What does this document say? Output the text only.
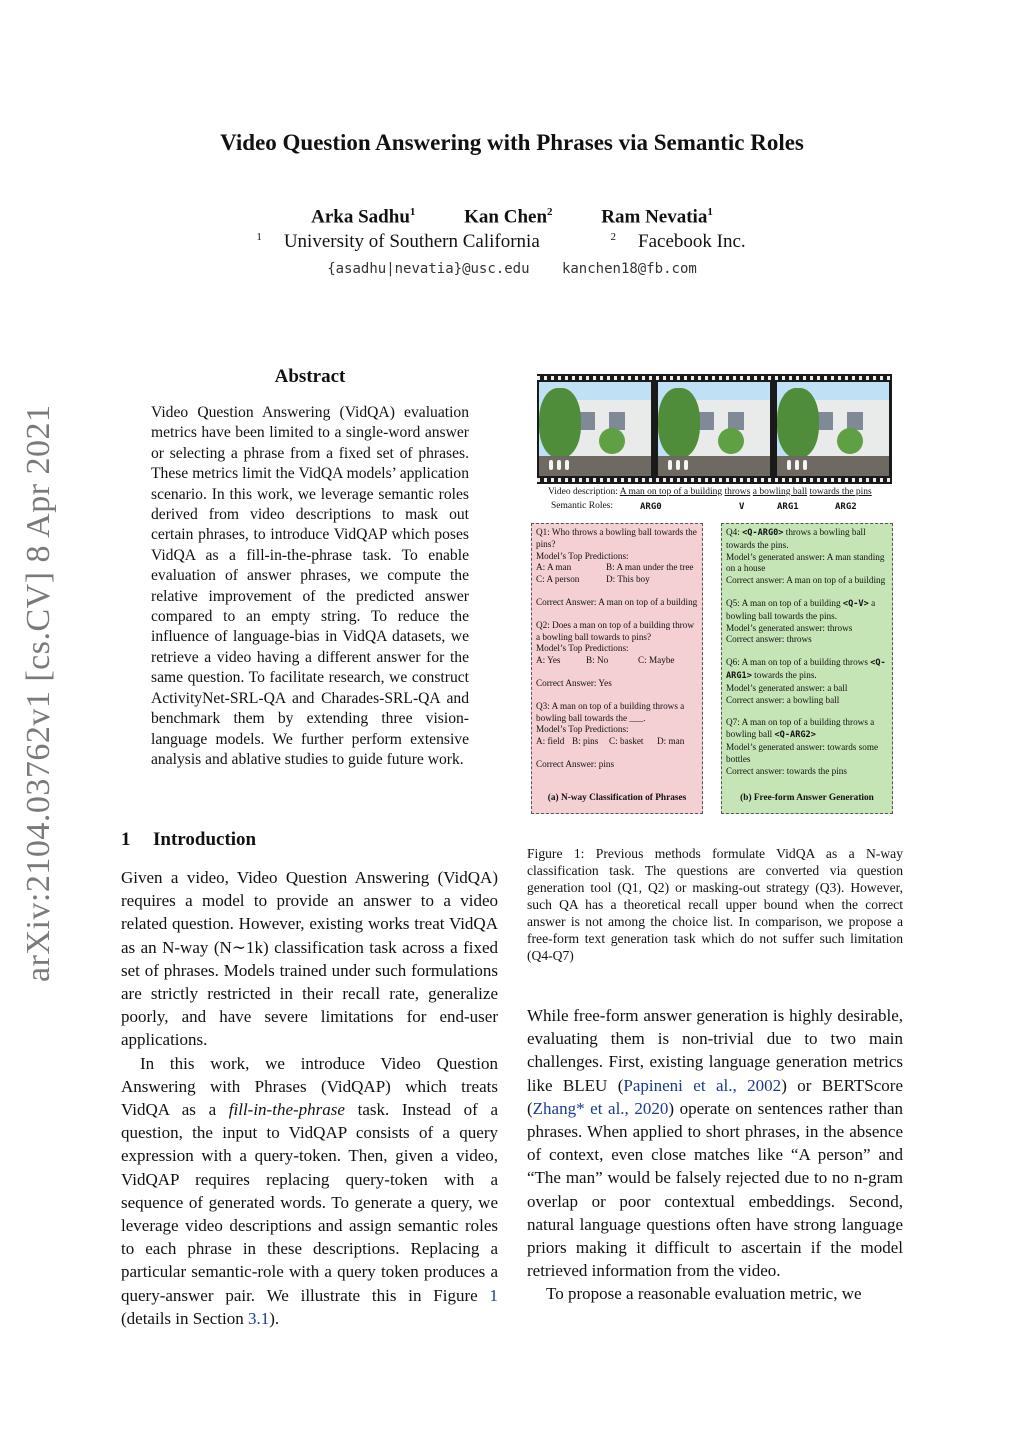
arXiv:2104.03762v1 [cs.CV] 8 Apr 2021
Video Question Answering with Phrases via Semantic Roles
Arka Sadhu$^1$	Kan Chen$^2$	Ram Nevatia$^1$
$^1$ University of Southern California	$^2$ Facebook Inc.
{asadhu|nevatia}@usc.edu kanchen18@fb.com
Abstract
Video Question Answering (VidQA) evaluation metrics have been limited to a single-word answer or selecting a phrase from a fixed set of phrases. These metrics limit the VidQA models’ application scenario. In this work, we leverage semantic roles derived from video descriptions to mask out certain phrases, to introduce VidQAP which poses VidQA as a fill-in-the-phrase task. To enable evaluation of answer phrases, we compute the relative improvement of the predicted answer compared to an empty string. To reduce the influence of language-bias in VidQA datasets, we retrieve a video having a different answer for the same question. To facilitate research, we construct ActivityNet-SRL-QA and Charades-SRL-QA and benchmark them by extending three vision-language models. We further perform extensive analysis and ablative studies to guide future work.
1 Introduction

Given a video, Video Question Answering (VidQA) requires a model to provide an answer to a video related question. However, existing works treat VidQA as an N-way (N∼1k) classification task across a fixed set of phrases. Models trained under such formulations are strictly restricted in their recall rate, generalize poorly, and have severe limitations for end-user applications.

In this work, we introduce Video Question Answering with Phrases (VidQAP) which treats VidQA as a fill-in-the-phrase task. Instead of a question, the input to VidQAP consists of a query expression with a query-token. Then, given a video, VidQAP requires replacing query-token with a sequence of generated words. To generate a query, we leverage video descriptions and assign semantic roles to each phrase in these descriptions. Replacing a particular semantic-role with a query token produces a query-answer pair. We illustrate this in Figure 1 (details in Section 3.1).

Video description: A man on top of a building throws a bowling ball towards the pins
Semantic Roles:	ARG0	V	ARG1	ARG2

Q1: Who throws a bowling ball towards the pins?

Model’s Top Predictions:

A: A man	B: A man under the tree
C: A person	D: This boy

Correct Answer: A man on top of a building

Q2: Does a man on top of a building throw a bowling ball towards to pins?

Model’s Top Predictions:

A: Yes	B: No	C: Maybe

Correct Answer: Yes

Q3: A man on top of a building throws a bowling ball towards the ___.

Model’s Top Predictions:

A: field B: pins	C: basket	D: man

Correct Answer: pins

(a) N-way Classification of Phrases

Q4: <Q-ARG0> throws a bowling ball towards the pins.

Model’s generated answer: A man standing on a house

Correct answer: A man on top of a building

Q5: A man on top of a building <Q-V> a bowling ball towards the pins.

Model’s generated answer: throws

Correct answer: throws

Q6: A man on top of a building throws <Q-ARG1> towards the pins.

Model’s generated answer: a ball

Correct answer: a bowling ball

Q7: A man on top of a building throws a bowling ball <Q-ARG2>

Model’s generated answer: towards some bottles

Correct answer: towards the pins

(b) Free-form Answer Generation
Figure 1: Previous methods formulate VidQA as a N-way classification task. The questions are converted via question generation tool (Q1, Q2) or masking-out strategy (Q3). However, such QA has a theoretical recall upper bound when the correct answer is not among the choice list. In comparison, we propose a free-form text generation task which do not suffer such limitation (Q4-Q7)

While free-form answer generation is highly desirable, evaluating them is non-trivial due to two main challenges. First, existing language generation metrics like BLEU (Papineni et al., 2002) or BERTScore (Zhang* et al., 2020) operate on sentences rather than phrases. When applied to short phrases, in the absence of context, even close matches like “A person” and “The man” would be falsely rejected due to no n-gram overlap or poor contextual embeddings. Second, natural language questions often have strong language priors making it difficult to ascertain if the model retrieved information from the video.

To propose a reasonable evaluation metric, we
